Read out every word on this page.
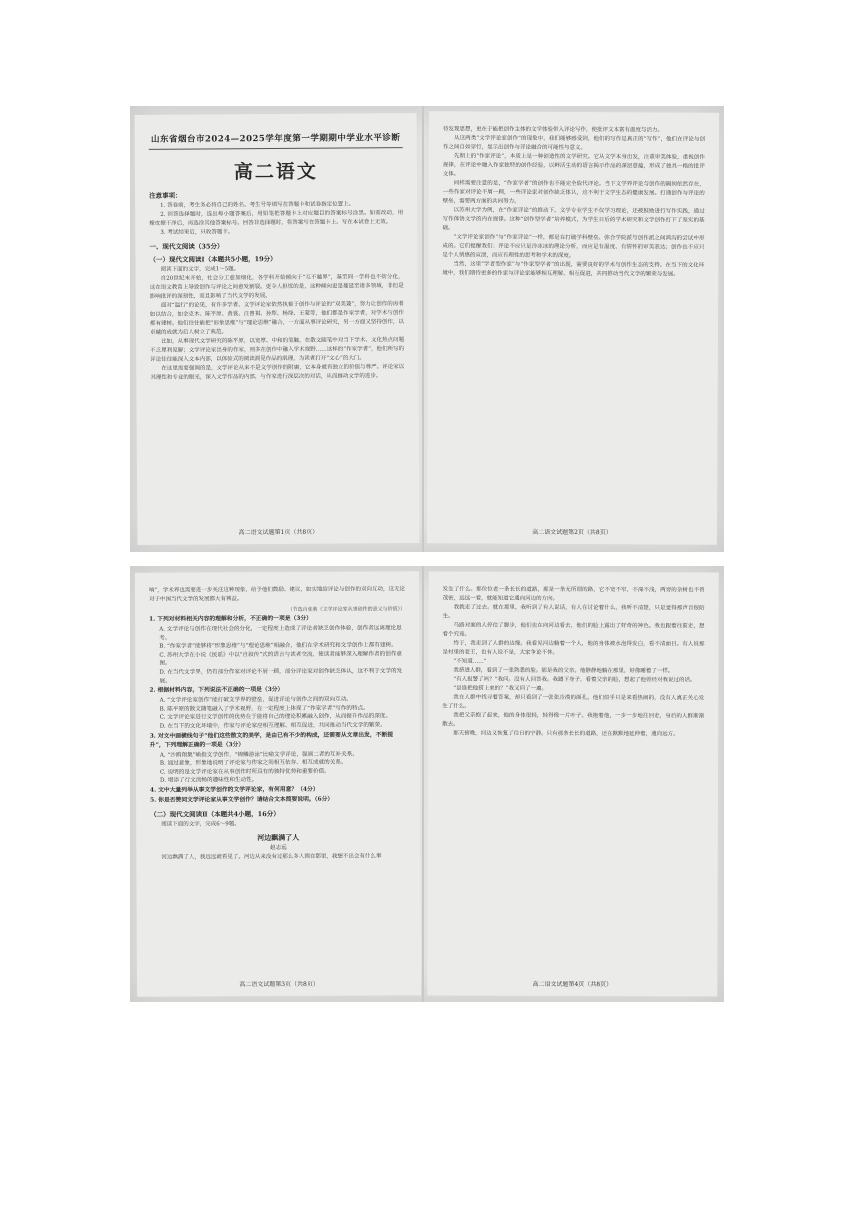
山东省烟台市2024—2025学年度第一学期期中学业水平诊断
高二语文
注意事项：
1. 答卷前，考生务必将自己的姓名、考生号等填写在答题卡和试卷指定位置上。
2. 回答选择题时，选出每小题答案后，用铅笔把答题卡上对应题目的答案标号涂黑。如需改动，用橡皮擦干净后，再选涂其他答案标号。回答非选择题时，将答案写在答题卡上。写在本试卷上无效。
3. 考试结束后，只收答题卡。
一、现代文阅读（35分）
（一）现代文阅读Ⅰ（本题共5小题，19分）
阅读下面的文字，完成1～5题。
自20世纪末开始，社会分工愈加细化，各学科开始倾向于“互不越界”，基至同一学科也不妨分化，这在语文教育上导致创作与评论之间愈发割裂。更令人担忧的是，这种倾向更是蔓延至诸多领域，非但是影响批评的深刻性，而且影响了当代文学的发展。
面对“温行”的论见，有许多学者、文学评论家依然执着于创作与评论的“双美兼”，努力让创作的再者如以结合，如金克木、陈平原、黄裳、汪曾祺、孙犁、杨绛、王蒙等，他们都是作家学者，对学术与创作都有建树。他们往往能把“形象思维”与“理论思维”融合，一方面从事评论研究，另一方面又坚持创作，以卓越的成就为后人树立了典范。
比如，从事现代文学研究的陈平原，以宽厚、中和的笔触，在散文随笔中对当下学术、文化热点问题不乏犀利见解；文学评论家出身的作家，则多在创作中融入学术视野……这样的“作家学者”，他们所写的评论往往能深入文本内部，以体验式的阅读洞见作品的肌理，为读者打开“文心”的大门。
在这里需要强调的是，文学评论从来不是文学创作的附庸，它本身就有独立的价值与尊严。评论家以其理性和专业的眼光，深入文学作品的内部，与作家进行深层次的对话，从而推动文学的进步。
高二语文试题第1页（共8页）
待发现思想，更在于能把创作主体的文学体验带入评论写作，使批评文本富有温度与活力。
从这两类“文学评论家创作”的现象中，我们能够感受到，他们的写作是真正的“写作”，他们在评论与创作之间自如穿行，显示出创作与评论融合的可能性与意义。
先期上的“作家评论”，本质上是一种创造性的文学研究。它从文学本身出发，注重审美体验，重视创作规律，在评论中融入作家独特的创作经验，以鲜活生动的语言揭示作品的深层意蕴，形成了独具一格的批评文体。
同样需要注意的是，“作家学者”的创作也不能完全取代评论。当下文学界评论与创作的隔阂依然存在，一些作家对评论不屑一顾，一些评论家对创作缺乏体认，这不利于文学生态的健康发展。打通创作与评论的壁垒，需要两方面的共同努力。
以苏州大学为例，在“作家评论”的推动下，文学专业学生不仅学习理论，还被鼓励进行写作实践，通过写作体悟文学的内在规律。这种“创作型学者”培养模式，为学生日后的学术研究和文学创作打下了坚实的基础。
“文学评论家创作”与“作家评论”一样，都是在打破学科壁垒、弥合学院派与创作派之间鸿沟的尝试中形成的。它们提醒我们：评论不应只是冷冰冰的理论分析，而应是有温度、有情怀的审美表达；创作也不应只是个人情感的宣泄，而应有理性的思考和学术的深度。
当然，这里“学者型作家”与“作家型学者”的出现，需要良好的学术与创作生态的支持。在当下的文化环境中，我们期待更多的作家与评论家能够相互理解、相互促进，共同推动当代文学的繁荣与发展。
高二语文试题第2页（共8页）
响”，学术界也需要进一步关注这种现象，给予他们鼓励、建议，如实地给评论与创作的双向互动，这无论对于中国当代文学的发展都大有裨益。
（节选自张莉《文学评论家从事创作的意义与价值》）
1. 下列对材料相关内容的理解和分析，不正确的一项是（3分）
A. 文学评论与创作在现代社会的分化，一定程度上造成了评论者缺乏创作体验，创作者远离理论思考。
B. “作家学者”能够将“形象思维”与“理论思维”相融合，他们在学术研究和文学创作上都有建树。
C. 苏州大学在小说《民谣》中以“自叙传”式的语言与读者交流，使读者能够深入理解作者的创作意图。
D. 在当代文学界，仍有部分作家对评论不屑一顾，部分评论家对创作缺乏体认，这不利于文学的发展。
2. 根据材料内容，下列说法不正确的一项是（3分）
A. “文学评论家创作”能打破文学界的壁垒，促进评论与创作之间的双向互动。
B. 陈平原的散文随笔融入了学术视野，在一定程度上体现了“作家学者”写作的特点。
C. 文学评论家进行文学创作的优势在于能将自己的理论积累融入创作，从而提升作品的深度。
D. 在当下的文化环境中，作家与评论家应相互理解、相互促进，共同推动当代文学的繁荣。
3. 对文中画横线句子“他们这些散文的美学，是由已有不少的构成，还需要从文章出发，不断提升”，下列理解正确的一项是（3分）
A. “沙鸥翔集”喻指文学创作，“锦鳞游泳”比喻文学评论，强调二者的互补关系。
B. 通过意象，形象地说明了评论家与作家之间相互依存、相互成就的关系。
C. 说明的是文学评论家在从事创作时所具有的独特优势和重要价值。
D. 增添了行文流畅的趣味性和生动性。
4. 文中大量列举从事文学创作的文学评论家，有何用意？（4分）
5. 你是否赞同文学评论家从事文学创作？请结合文本简要说明。（6分）
（二）现代文阅读Ⅱ（本题共4小题，16分）
阅读下面的文字，完成6～9题。
河边飘满了人
赵志远
河边飘满了人，我远远就看见了。河边从来没有过那么多人围在那里，我想不出会有什么事
高二语文试题第3页（共8页）
发生了什么。那位位老一条长长的道路，那是一条无所谓的路，它不宽不窄，不深不浅，两旁的杂树也不曾茂密，远远一看，就能知道它通向河边的方向。
我就走了过去。就在那里，我听到了有人说话，有人在讨论着什么，我听不清楚，只是觉得那声音很陌生。
马路对面的人停住了脚步，他们也在向河边看去，他们的脸上露出了好奇的神色。我也跟着往前走，想看个究竟。
终于，我走到了人群的边缘。我看见河边躺着一个人，他的身体被水泡得发白，看不清面目。有人说那是村里的老王，也有人说不是，大家争论不休。
“不知道……”
我挤进人群，看到了一张熟悉的脸。那是我的父亲。他静静地躺在那里，好像睡着了一样。
“有人报警了吗？”我问。没有人回答我。我蹲下身子，看着父亲的脸，想起了他曾经对我说过的话。
“是谁把他捞上来的？”我又问了一遍。
我在人群中找寻着答案，却只看到了一张张冷漠的面孔。他们似乎只是来看热闹的，没有人真正关心发生了什么。
我把父亲抱了起来，他的身体很轻，轻得像一片叶子。我抱着他，一步一步地往回走，身后的人群渐渐散去。
那天傍晚，河边又恢复了往日的宁静。只有那条长长的道路，还在默默地延伸着，通向远方。
高二语文试题第4页（共8页）
